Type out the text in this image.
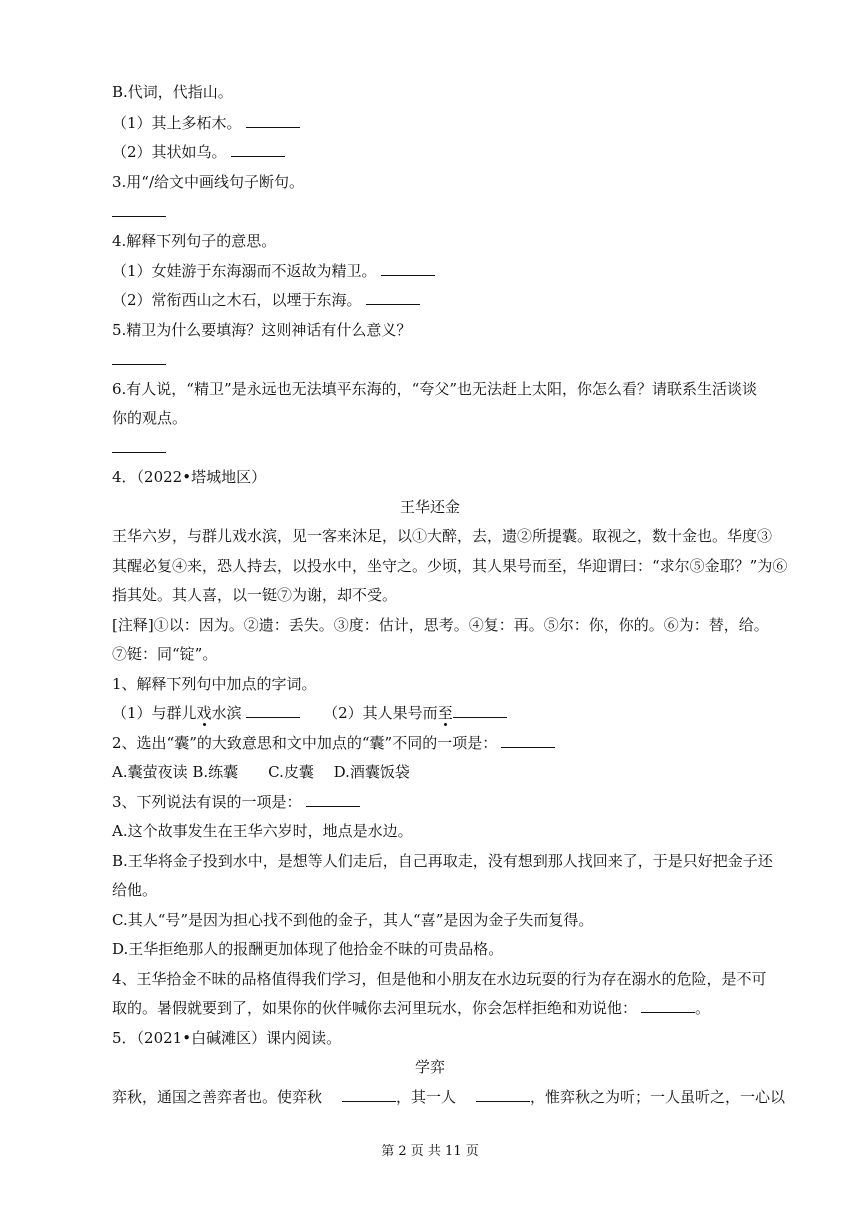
B.代词，代指山。
（1）其上多柘木。
（2）其状如乌。
3.用“/给文中画线句子断句。
4.解释下列句子的意思。
（1）女娃游于东海溺而不返故为精卫。
（2）常衔西山之木石，以堙于东海。
5.精卫为什么要填海？这则神话有什么意义？
6.有人说，“精卫”是永远也无法填平东海的，“夸父”也无法赶上太阳，你怎么看？请联系生活谈谈
你的观点。
4．（2022•塔城地区）
王华还金
王华六岁，与群儿戏水滨，见一客来沐足，以①大醉，去，遗②所提囊。取视之，数十金也。华度③
其醒必复④来，恐人持去，以投水中，坐守之。少顷，其人果号而至，华迎谓曰：“求尔⑤金耶？”为⑥
指其处。其人喜，以一铤⑦为谢，却不受。
[注释]①以：因为。②遗：丢失。③度：估计，思考。④复：再。⑤尔：你，你的。⑥为：替，给。
⑦铤：同“锭”。
1、解释下列句中加点的字词。
（1）与群儿戏水滨	（2）其人果号而至
2、选出“囊”的大致意思和文中加点的“囊”不同的一项是：
A.囊萤夜读 B.练囊　　C.皮囊　 D.酒囊饭袋
3、下列说法有误的一项是：
A.这个故事发生在王华六岁时，地点是水边。
B.王华将金子投到水中，是想等人们走后，自己再取走，没有想到那人找回来了，于是只好把金子还
给他。
C.其人“号”是因为担心找不到他的金子，其人“喜”是因为金子失而复得。
D.王华拒绝那人的报酬更加体现了他拾金不昧的可贵品格。
4、王华拾金不昧的品格值得我们学习，但是他和小朋友在水边玩耍的行为存在溺水的危险，是不可
取的。暑假就要到了，如果你的伙伴喊你去河里玩水，你会怎样拒绝和劝说他：	。
5．（2021•白碱滩区）课内阅读。
学弈
弈秋，通国之善弈者也。使弈秋	，其一人	，惟弈秋之为听；一人虽听之，一心以
第 2 页 共 11 页
